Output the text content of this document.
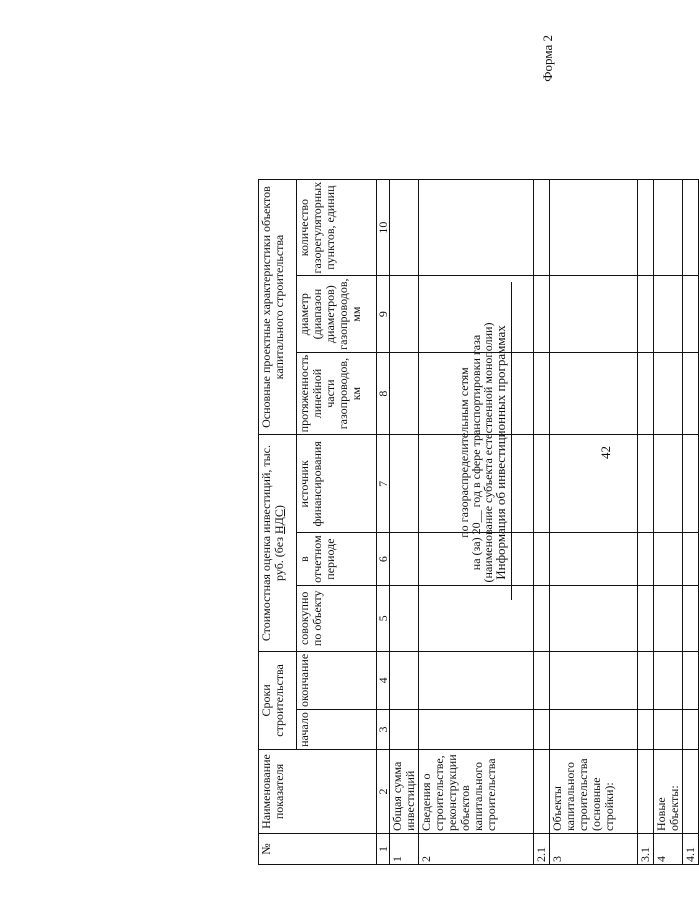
42
Форма 2
Информация об инвестиционных программах
(наименование субъекта естественной монополии)
на (за) 20__ год в сфере транспортировки газа
по газораспределительным сетям
№	Наименование показателя	Сроки строительства		Стоимостная оценка инвестиций, тыс. руб. (без НДС)			Основные проектные характеристики объектов капитального строительства		
		начало	окончание	совокупно по объекту	в отчетном периоде	источник финансирования	протяженность линейной части газопроводов, км	диаметр (диапазон диаметров) газопроводов, мм	количество газорегуляторных пунктов, единиц
1	2	3	4	5	6	7	8	9	10
1	Общая сумма инвестиций								
2	Сведения о строительстве, реконструкции объектов капитального строительства								
2.1									
3	Объекты капитального строительства (основные стройки):								
3.1									
4	Новые объекты:								
4.1									
